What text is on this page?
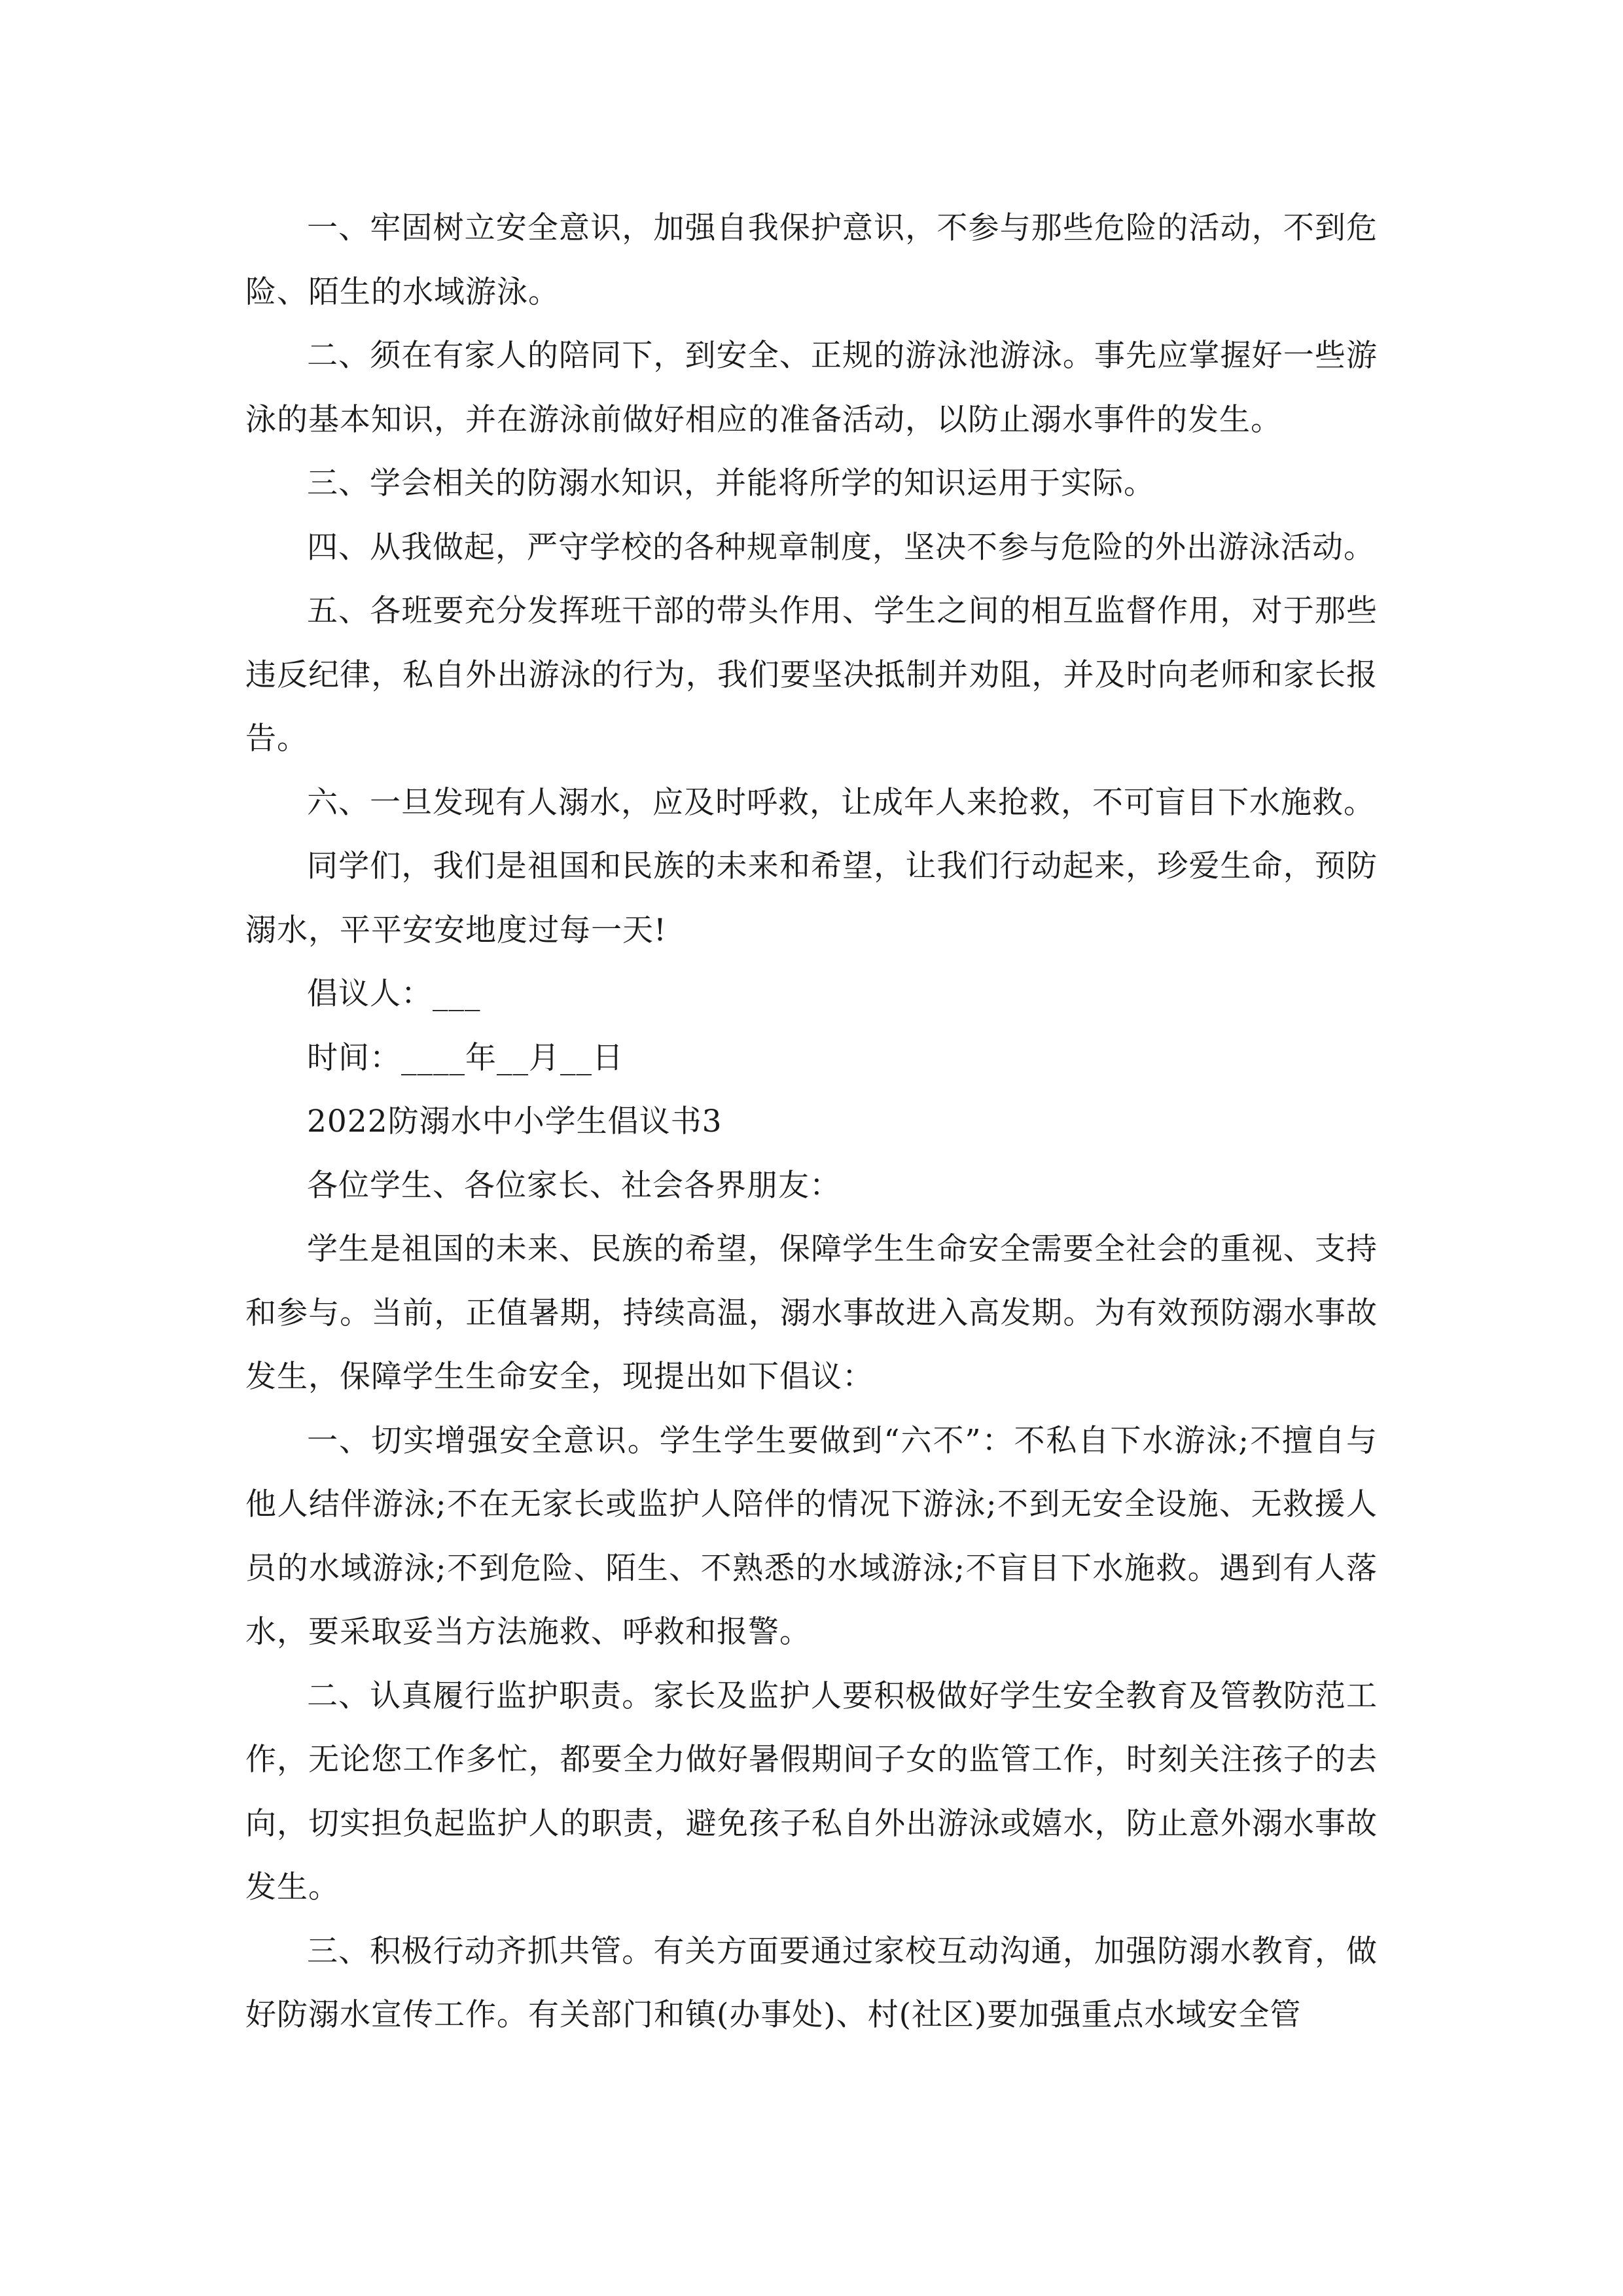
一、牢固树立安全意识，加强自我保护意识，不参与那些危险的活动，不到危险、陌生的水域游泳。

二、须在有家人的陪同下，到安全、正规的游泳池游泳。事先应掌握好一些游泳的基本知识，并在游泳前做好相应的准备活动，以防止溺水事件的发生。

三、学会相关的防溺水知识，并能将所学的知识运用于实际。

四、从我做起，严守学校的各种规章制度，坚决不参与危险的外出游泳活动。

五、各班要充分发挥班干部的带头作用、学生之间的相互监督作用，对于那些违反纪律，私自外出游泳的行为，我们要坚决抵制并劝阻，并及时向老师和家长报告。

六、一旦发现有人溺水，应及时呼救，让成年人来抢救，不可盲目下水施救。

同学们，我们是祖国和民族的未来和希望，让我们行动起来，珍爱生命，预防溺水，平平安安地度过每一天!

倡议人：___

时间：____年__月__日

2022防溺水中小学生倡议书3

各位学生、各位家长、社会各界朋友：

学生是祖国的未来、民族的希望，保障学生生命安全需要全社会的重视、支持和参与。当前，正值暑期，持续高温，溺水事故进入高发期。为有效预防溺水事故发生，保障学生生命安全，现提出如下倡议：

一、切实增强安全意识。学生学生要做到“六不”：不私自下水游泳;不擅自与他人结伴游泳;不在无家长或监护人陪伴的情况下游泳;不到无安全设施、无救援人员的水域游泳;不到危险、陌生、不熟悉的水域游泳;不盲目下水施救。遇到有人落水，要采取妥当方法施救、呼救和报警。

二、认真履行监护职责。家长及监护人要积极做好学生安全教育及管教防范工作，无论您工作多忙，都要全力做好暑假期间子女的监管工作，时刻关注孩子的去向，切实担负起监护人的职责，避免孩子私自外出游泳或嬉水，防止意外溺水事故发生。

三、积极行动齐抓共管。有关方面要通过家校互动沟通，加强防溺水教育，做好防溺水宣传工作。有关部门和镇(办事处)、村(社区)要加强重点水域安全管
